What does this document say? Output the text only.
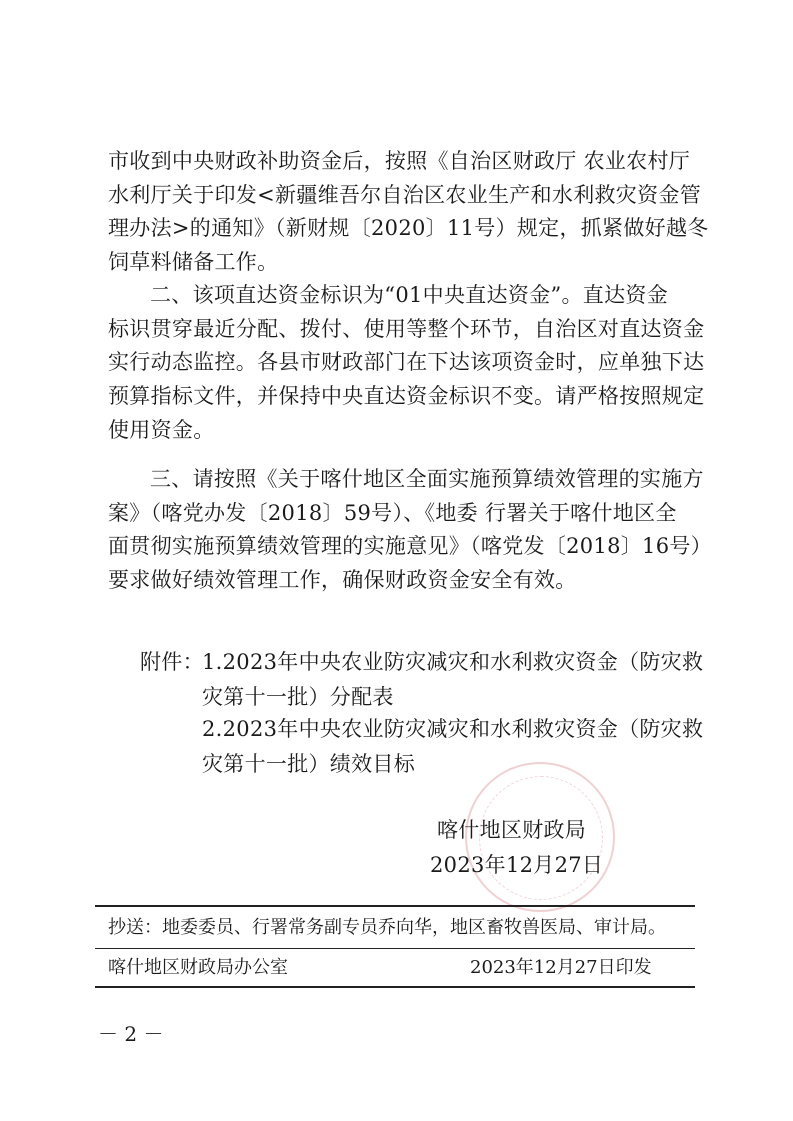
市收到中央财政补助资金后，按照《自治区财政厅 农业农村厅
水利厅关于印发<新疆维吾尔自治区农业生产和水利救灾资金管
理办法>的通知》（新财规〔2020〕11号）规定，抓紧做好越冬
饲草料储备工作。
二、该项直达资金标识为“01中央直达资金”。直达资金
标识贯穿最近分配、拨付、使用等整个环节，自治区对直达资金
实行动态监控。各县市财政部门在下达该项资金时，应单独下达
预算指标文件，并保持中央直达资金标识不变。请严格按照规定
使用资金。
三、请按照《关于喀什地区全面实施预算绩效管理的实施方
案》（喀党办发〔2018〕59号）、《地委 行署关于喀什地区全
面贯彻实施预算绩效管理的实施意见》（喀党发〔2018〕16号）
要求做好绩效管理工作，确保财政资金安全有效。
附件：
1.2023年中央农业防灾减灾和水利救灾资金（防灾救
灾第十一批）分配表
2.2023年中央农业防灾减灾和水利救灾资金（防灾救
灾第十一批）绩效目标
喀什地区财政局
2023年12月27日
抄送：地委委员、行署常务副专员乔向华，地区畜牧兽医局、审计局。
喀什地区财政局办公室	2023年12月27日印发
－ 2 －
